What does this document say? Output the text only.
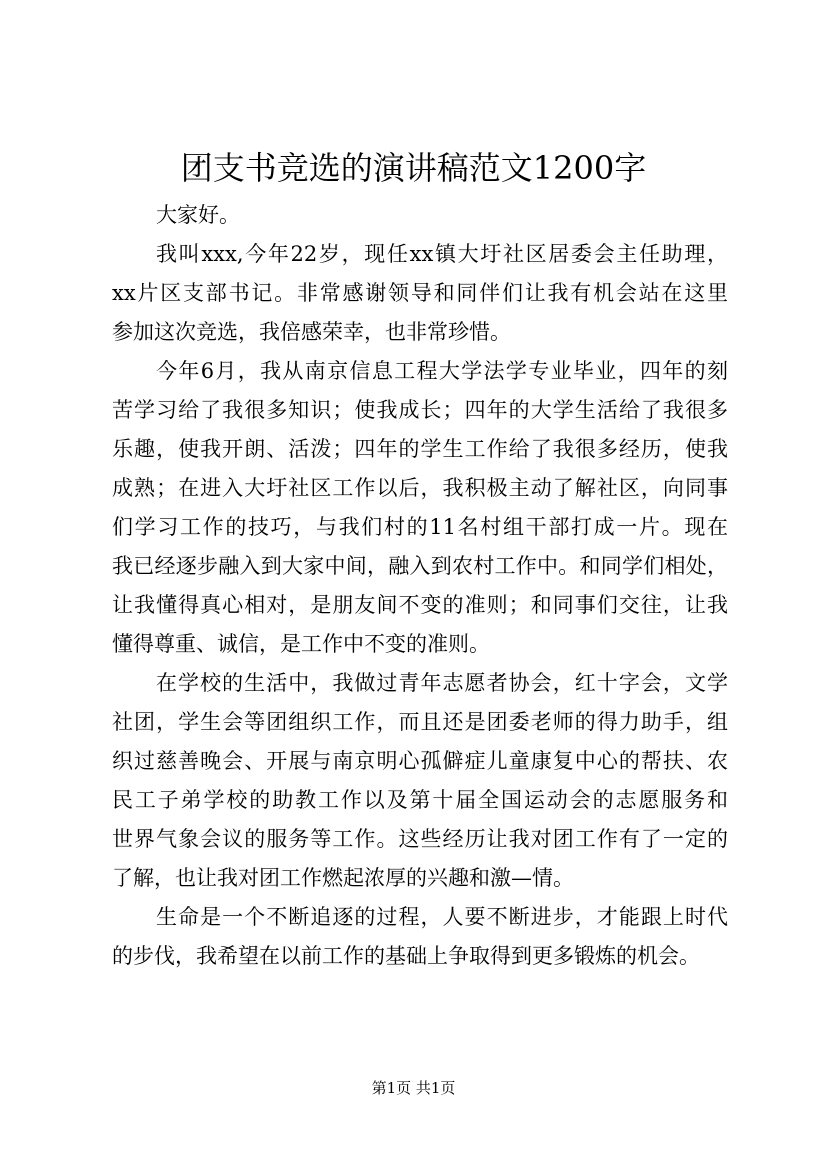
团支书竞选的演讲稿范文1200字
大家好。
我叫xxx,今年22岁，现任xx镇大圩社区居委会主任助理，
xx片区支部书记。非常感谢领导和同伴们让我有机会站在这里
参加这次竞选，我倍感荣幸，也非常珍惜。
今年6月，我从南京信息工程大学法学专业毕业，四年的刻
苦学习给了我很多知识；使我成长；四年的大学生活给了我很多
乐趣，使我开朗、活泼；四年的学生工作给了我很多经历，使我
成熟；在进入大圩社区工作以后，我积极主动了解社区，向同事
们学习工作的技巧，与我们村的11名村组干部打成一片。现在
我已经逐步融入到大家中间，融入到农村工作中。和同学们相处，
让我懂得真心相对，是朋友间不变的准则；和同事们交往，让我
懂得尊重、诚信，是工作中不变的准则。
在学校的生活中，我做过青年志愿者协会，红十字会，文学
社团，学生会等团组织工作，而且还是团委老师的得力助手，组
织过慈善晚会、开展与南京明心孤僻症儿童康复中心的帮扶、农
民工子弟学校的助教工作以及第十届全国运动会的志愿服务和
世界气象会议的服务等工作。这些经历让我对团工作有了一定的
了解，也让我对团工作燃起浓厚的兴趣和激—情。
生命是一个不断追逐的过程，人要不断进步，才能跟上时代
的步伐，我希望在以前工作的基础上争取得到更多锻炼的机会。
第1页 共1页
